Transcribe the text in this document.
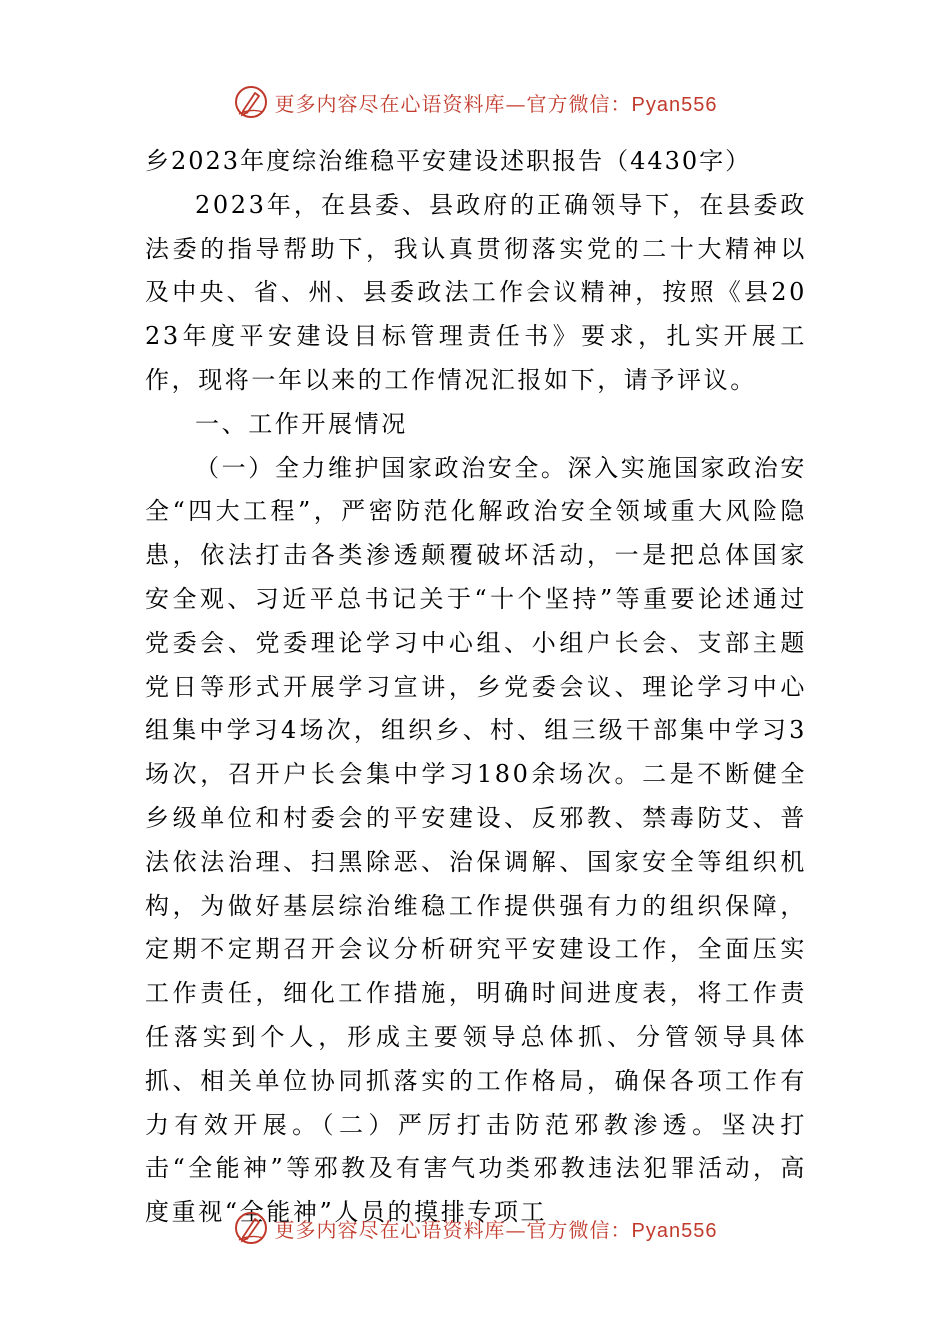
更多内容尽在心语资料库—官方微信：Pyan556

乡2023年度综治维稳平安建设述职报告（4430字）

2023年，在县委、县政府的正确领导下，在县委政法委的指导帮助下，我认真贯彻落实党的二十大精神以及中央、省、州、县委政法工作会议精神，按照《县2023年度平安建设目标管理责任书》要求，扎实开展工作，现将一年以来的工作情况汇报如下，请予评议。

一、工作开展情况

（一）全力维护国家政治安全。深入实施国家政治安全“四大工程”，严密防范化解政治安全领域重大风险隐患，依法打击各类渗透颠覆破坏活动，一是把总体国家安全观、习近平总书记关于“十个坚持”等重要论述通过党委会、党委理论学习中心组、小组户长会、支部主题党日等形式开展学习宣讲，乡党委会议、理论学习中心组集中学习4场次，组织乡、村、组三级干部集中学习3场次，召开户长会集中学习180余场次。二是不断健全乡级单位和村委会的平安建设、反邪教、禁毒防艾、普法依法治理、扫黑除恶、治保调解、国家安全等组织机构，为做好基层综治维稳工作提供强有力的组织保障，定期不定期召开会议分析研究平安建设工作，全面压实工作责任，细化工作措施，明确时间进度表，将工作责任落实到个人，形成主要领导总体抓、分管领导具体抓、相关单位协同抓落实的工作格局，确保各项工作有力有效开展。（二）严厉打击防范邪教渗透。坚决打击“全能神”等邪教及有害气功类邪教违法犯罪活动，高度重视“全能神”人员的摸排专项工

更多内容尽在心语资料库—官方微信：Pyan556
